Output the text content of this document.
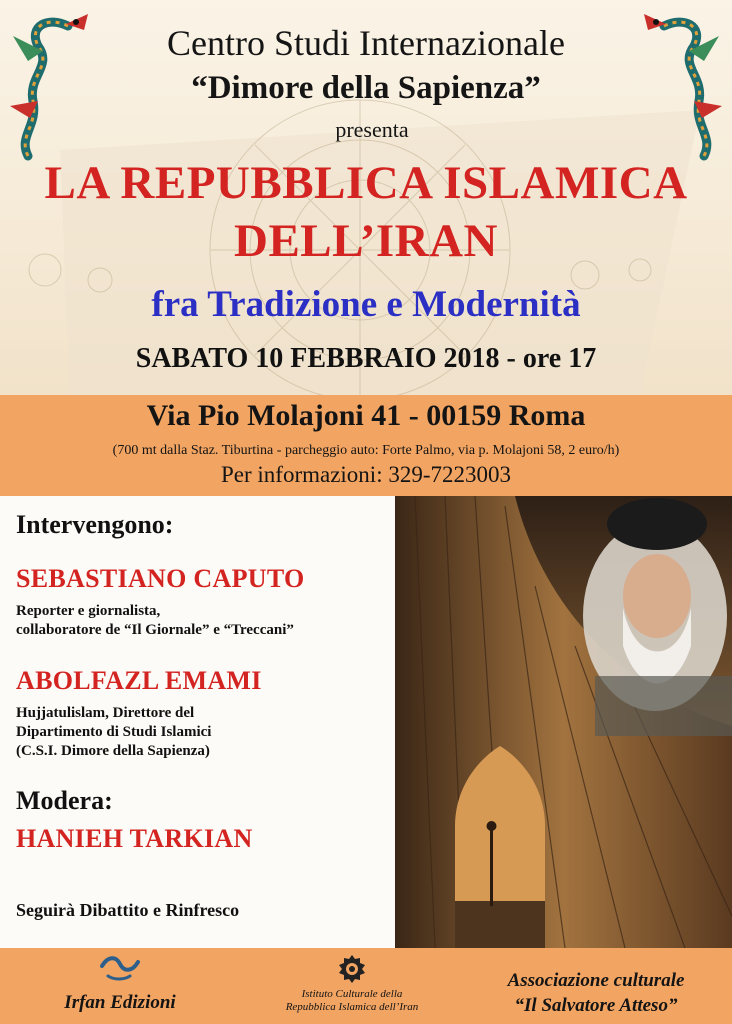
Centro Studi Internazionale
“Dimore della Sapienza”
presenta
LA REPUBBLICA ISLAMICA
DELL’IRAN
fra Tradizione e Modernità
SABATO 10 FEBBRAIO 2018 - ore 17
Via Pio Molajoni 41 - 00159 Roma
(700 mt dalla Staz. Tiburtina - parcheggio auto: Forte Palmo, via p. Molajoni 58, 2 euro/h)
Per informazioni: 329-7223003
Intervengono:
SEBASTIANO CAPUTO
Reporter e giornalista,
collaboratore de “Il Giornale” e “Treccani”
ABOLFAZL EMAMI
Hujjatulislam, Direttore del
Dipartimento di Studi Islamici
(C.S.I. Dimore della Sapienza)
Modera:
HANIEH TARKIAN
Seguirà Dibattito e Rinfresco
Irfan Edizioni	Istituto Culturale della
Repubblica Islamica dell’Iran
Associazione culturale
“Il Salvatore Atteso”
